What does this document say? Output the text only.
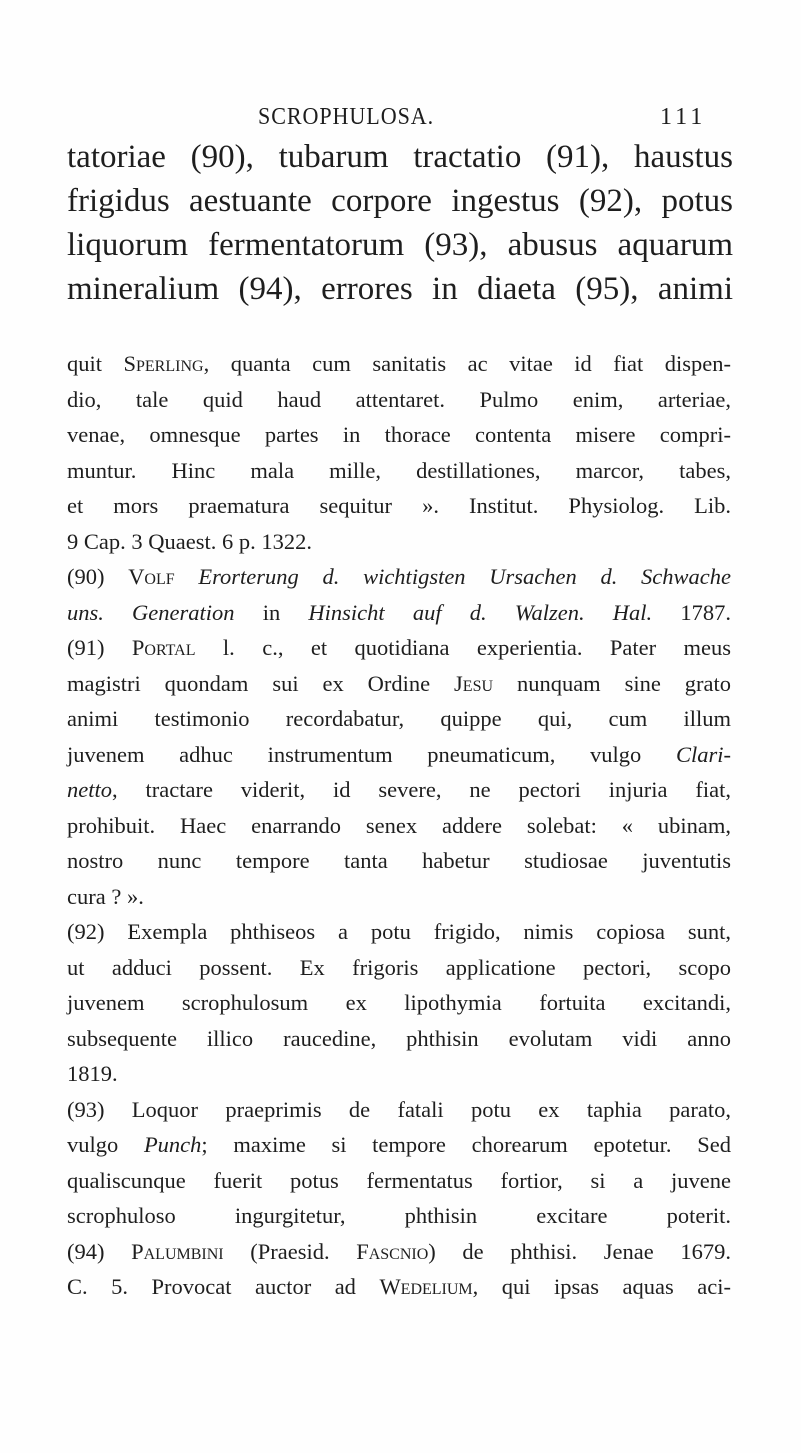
SCROPHULOSA.	111
tatoriae (90), tubarum tractatio (91), haustus
frigidus aestuante corpore ingestus (92), potus
liquorum fermentatorum (93), abusus aquarum
mineralium (94), errores in diaeta (95), animi
quit Sperling, quanta cum sanitatis ac vitae id fiat dispen-
dio, tale quid haud attentaret. Pulmo enim, arteriae,
venae, omnesque partes in thorace contenta misere compri-
muntur. Hinc mala mille, destillationes, marcor, tabes,
et mors praematura sequitur ». Institut. Physiolog. Lib.
9 Cap. 3 Quaest. 6 p. 1322.
(90) Volf Erorterung d. wichtigsten Ursachen d. Schwache
uns. Generation in Hinsicht auf d. Walzen. Hal. 1787.
(91) Portal l. c., et quotidiana experientia. Pater meus
magistri quondam sui ex Ordine Jesu nunquam sine grato
animi testimonio recordabatur, quippe qui, cum illum
juvenem adhuc instrumentum pneumaticum, vulgo Clari-
netto, tractare viderit, id severe, ne pectori injuria fiat,
prohibuit. Haec enarrando senex addere solebat: « ubinam,
nostro nunc tempore tanta habetur studiosae juventutis
cura ? ».
(92) Exempla phthiseos a potu frigido, nimis copiosa sunt,
ut adduci possent. Ex frigoris applicatione pectori, scopo
juvenem scrophulosum ex lipothymia fortuita excitandi,
subsequente illico raucedine, phthisin evolutam vidi anno
1819.
(93) Loquor praeprimis de fatali potu ex taphia parato,
vulgo Punch; maxime si tempore chorearum epotetur. Sed
qualiscunque fuerit potus fermentatus fortior, si a juvene
scrophuloso ingurgitetur, phthisin excitare poterit.
(94) Palumbini (Praesid. Fascnio) de phthisi. Jenae 1679.
C. 5. Provocat auctor ad Wedelium, qui ipsas aquas aci-
